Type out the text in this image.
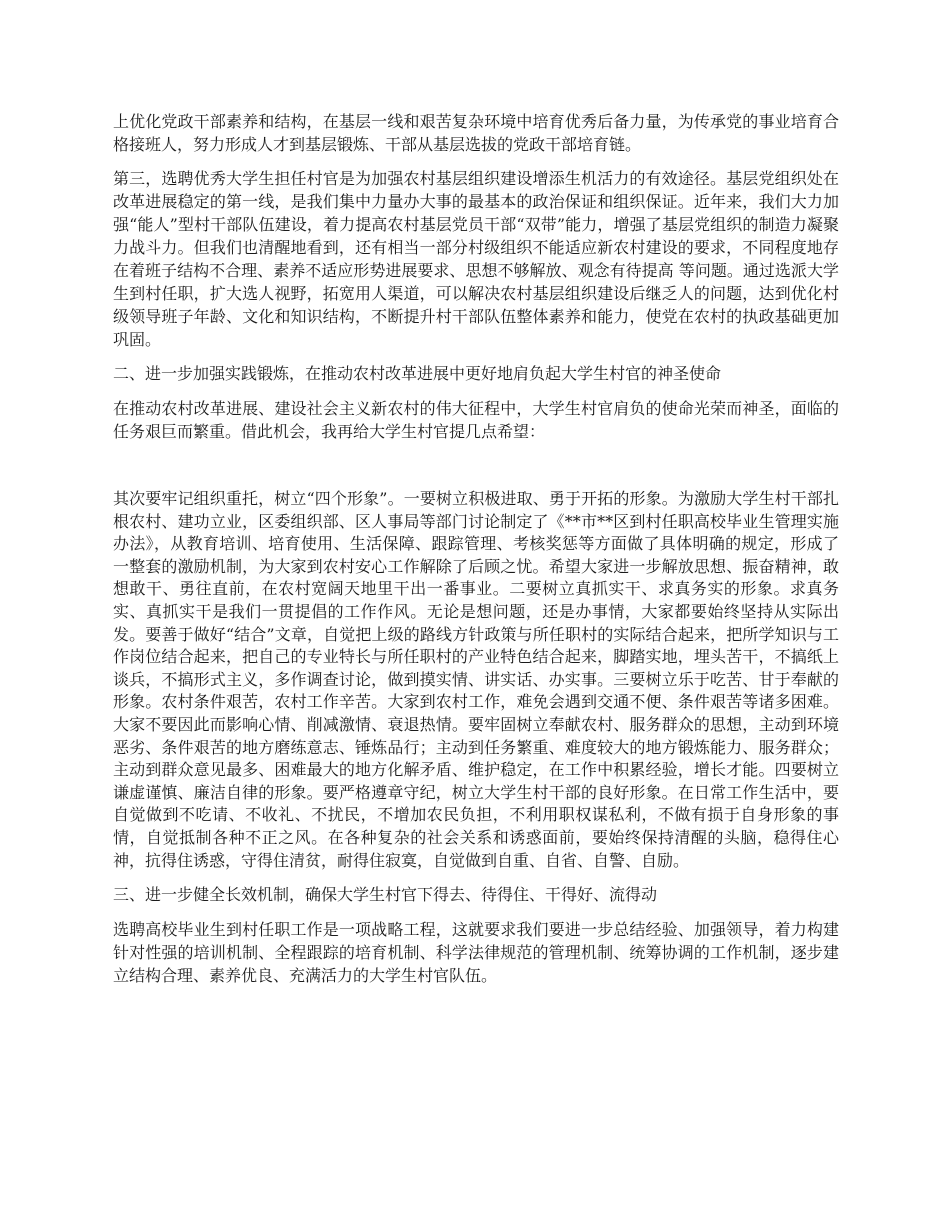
上优化党政干部素养和结构，在基层一线和艰苦复杂环境中培育优秀后备力量，为传承党的事业培育合格接班人，努力形成人才到基层锻炼、干部从基层选拔的党政干部培育链。

第三，选聘优秀大学生担任村官是为加强农村基层组织建设增添生机活力的有效途径。基层党组织处在改革进展稳定的第一线，是我们集中力量办大事的最基本的政治保证和组织保证。近年来，我们大力加强“能人”型村干部队伍建设，着力提高农村基层党员干部“双带”能力，增强了基层党组织的制造力凝聚力战斗力。但我们也清醒地看到，还有相当一部分村级组织不能适应新农村建设的要求，不同程度地存在着班子结构不合理、素养不适应形势进展要求、思想不够解放、观念有待提高 等问题。通过选派大学生到村任职，扩大选人视野，拓宽用人渠道，可以解决农村基层组织建设后继乏人的问题，达到优化村级领导班子年龄、文化和知识结构，不断提升村干部队伍整体素养和能力，使党在农村的执政基础更加巩固。

二、进一步加强实践锻炼，在推动农村改革进展中更好地肩负起大学生村官的神圣使命

在推动农村改革进展、建设社会主义新农村的伟大征程中，大学生村官肩负的使命光荣而神圣，面临的任务艰巨而繁重。借此机会，我再给大学生村官提几点希望：

其次要牢记组织重托，树立“四个形象”。一要树立积极进取、勇于开拓的形象。为激励大学生村干部扎根农村、建功立业，区委组织部、区人事局等部门讨论制定了《**市**区到村任职高校毕业生管理实施办法》，从教育培训、培育使用、生活保障、跟踪管理、考核奖惩等方面做了具体明确的规定，形成了一整套的激励机制，为大家到农村安心工作解除了后顾之忧。希望大家进一步解放思想、振奋精神，敢想敢干、勇往直前，在农村宽阔天地里干出一番事业。二要树立真抓实干、求真务实的形象。求真务实、真抓实干是我们一贯提倡的工作作风。无论是想问题，还是办事情，大家都要始终坚持从实际出发。要善于做好“结合”文章，自觉把上级的路线方针政策与所任职村的实际结合起来，把所学知识与工作岗位结合起来，把自己的专业特长与所任职村的产业特色结合起来，脚踏实地，埋头苦干，不搞纸上谈兵，不搞形式主义，多作调查讨论，做到摸实情、讲实话、办实事。三要树立乐于吃苦、甘于奉献的形象。农村条件艰苦，农村工作辛苦。大家到农村工作，难免会遇到交通不便、条件艰苦等诸多困难。大家不要因此而影响心情、削减激情、衰退热情。要牢固树立奉献农村、服务群众的思想，主动到环境恶劣、条件艰苦的地方磨练意志、锤炼品行；主动到任务繁重、难度较大的地方锻炼能力、服务群众；主动到群众意见最多、困难最大的地方化解矛盾、维护稳定，在工作中积累经验，增长才能。四要树立谦虚谨慎、廉洁自律的形象。要严格遵章守纪，树立大学生村干部的良好形象。在日常工作生活中，要自觉做到不吃请、不收礼、不扰民，不增加农民负担，不利用职权谋私利，不做有损于自身形象的事情，自觉抵制各种不正之风。在各种复杂的社会关系和诱惑面前，要始终保持清醒的头脑，稳得住心神，抗得住诱惑，守得住清贫，耐得住寂寞，自觉做到自重、自省、自警、自励。

三、进一步健全长效机制，确保大学生村官下得去、待得住、干得好、流得动

选聘高校毕业生到村任职工作是一项战略工程，这就要求我们要进一步总结经验、加强领导，着力构建针对性强的培训机制、全程跟踪的培育机制、科学法律规范的管理机制、统筹协调的工作机制，逐步建立结构合理、素养优良、充满活力的大学生村官队伍。
